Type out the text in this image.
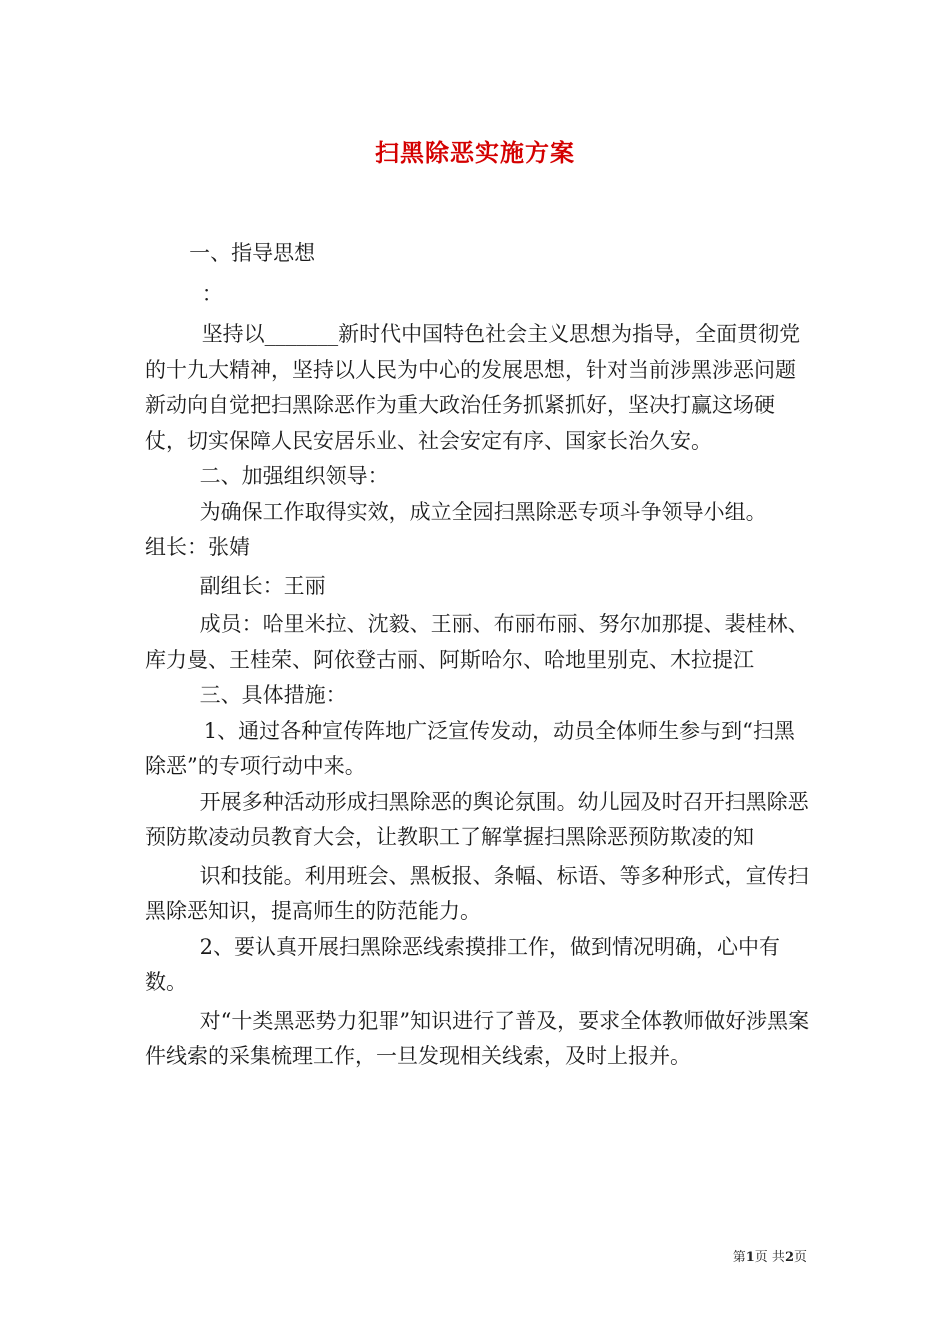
扫黑除恶实施方案

一、指导思想

：

坚持以_______新时代中国特色社会主义思想为指导，全面贯彻党的十九大精神，坚持以人民为中心的发展思想，针对当前涉黑涉恶问题新动向自觉把扫黑除恶作为重大政治任务抓紧抓好，坚决打赢这场硬仗，切实保障人民安居乐业、社会安定有序、国家长治久安。

二、加强组织领导：

为确保工作取得实效，成立全园扫黑除恶专项斗争领导小组。

组长：张婧

副组长：王丽

成员：哈里米拉、沈毅、王丽、布丽布丽、努尔加那提、裴桂林、库力曼、王桂荣、阿依登古丽、阿斯哈尔、哈地里别克、木拉提江

三、具体措施：

1、通过各种宣传阵地广泛宣传发动，动员全体师生参与到“扫黑除恶”的专项行动中来。

开展多种活动形成扫黑除恶的舆论氛围。幼儿园及时召开扫黑除恶预防欺凌动员教育大会，让教职工了解掌握扫黑除恶预防欺凌的知

识和技能。利用班会、黑板报、条幅、标语、等多种形式，宣传扫黑除恶知识，提高师生的防范能力。

2、要认真开展扫黑除恶线索摸排工作，做到情况明确，心中有数。

对“十类黑恶势力犯罪”知识进行了普及，要求全体教师做好涉黑案件线索的采集梳理工作，一旦发现相关线索，及时上报并。

第1页 共2页
